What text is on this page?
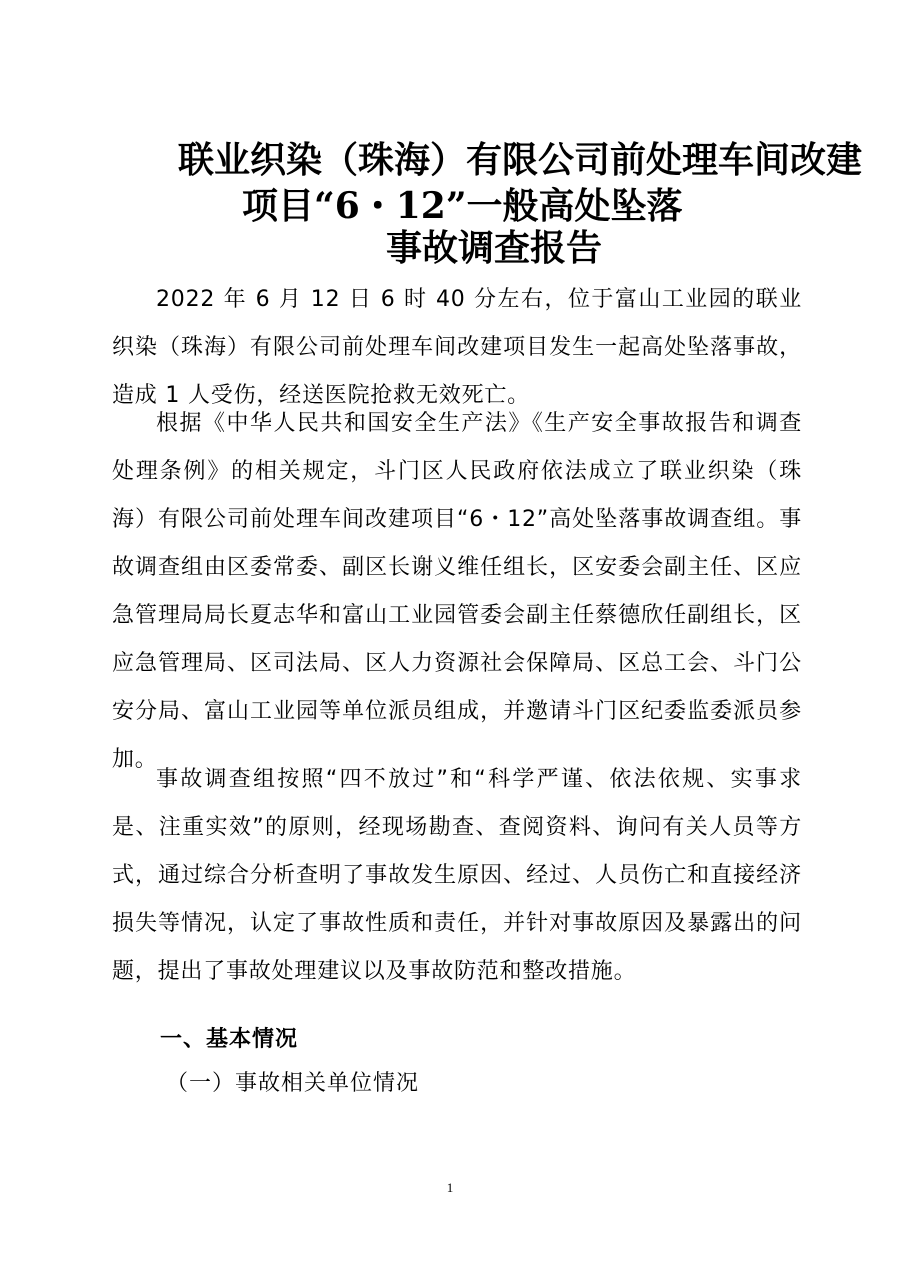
联业织染（珠海）有限公司前处理车间改建
项目“6・12”一般高处坠落
事故调查报告
2022 年 6 月 12 日 6 时 40 分左右，位于富山工业园的联业织染（珠海）有限公司前处理车间改建项目发生一起高处坠落事故，造成 1 人受伤，经送医院抢救无效死亡。
根据《中华人民共和国安全生产法》《生产安全事故报告和调查处理条例》的相关规定，斗门区人民政府依法成立了联业织染（珠海）有限公司前处理车间改建项目“6・12”高处坠落事故调查组。事故调查组由区委常委、副区长谢义维任组长，区安委会副主任、区应急管理局局长夏志华和富山工业园管委会副主任蔡德欣任副组长，区应急管理局、区司法局、区人力资源社会保障局、区总工会、斗门公安分局、富山工业园等单位派员组成，并邀请斗门区纪委监委派员参加。
事故调查组按照“四不放过”和“科学严谨、依法依规、实事求是、注重实效”的原则，经现场勘查、查阅资料、询问有关人员等方式，通过综合分析查明了事故发生原因、经过、人员伤亡和直接经济损失等情况，认定了事故性质和责任，并针对事故原因及暴露出的问题，提出了事故处理建议以及事故防范和整改措施。
一、基本情况
（一）事故相关单位情况
1
